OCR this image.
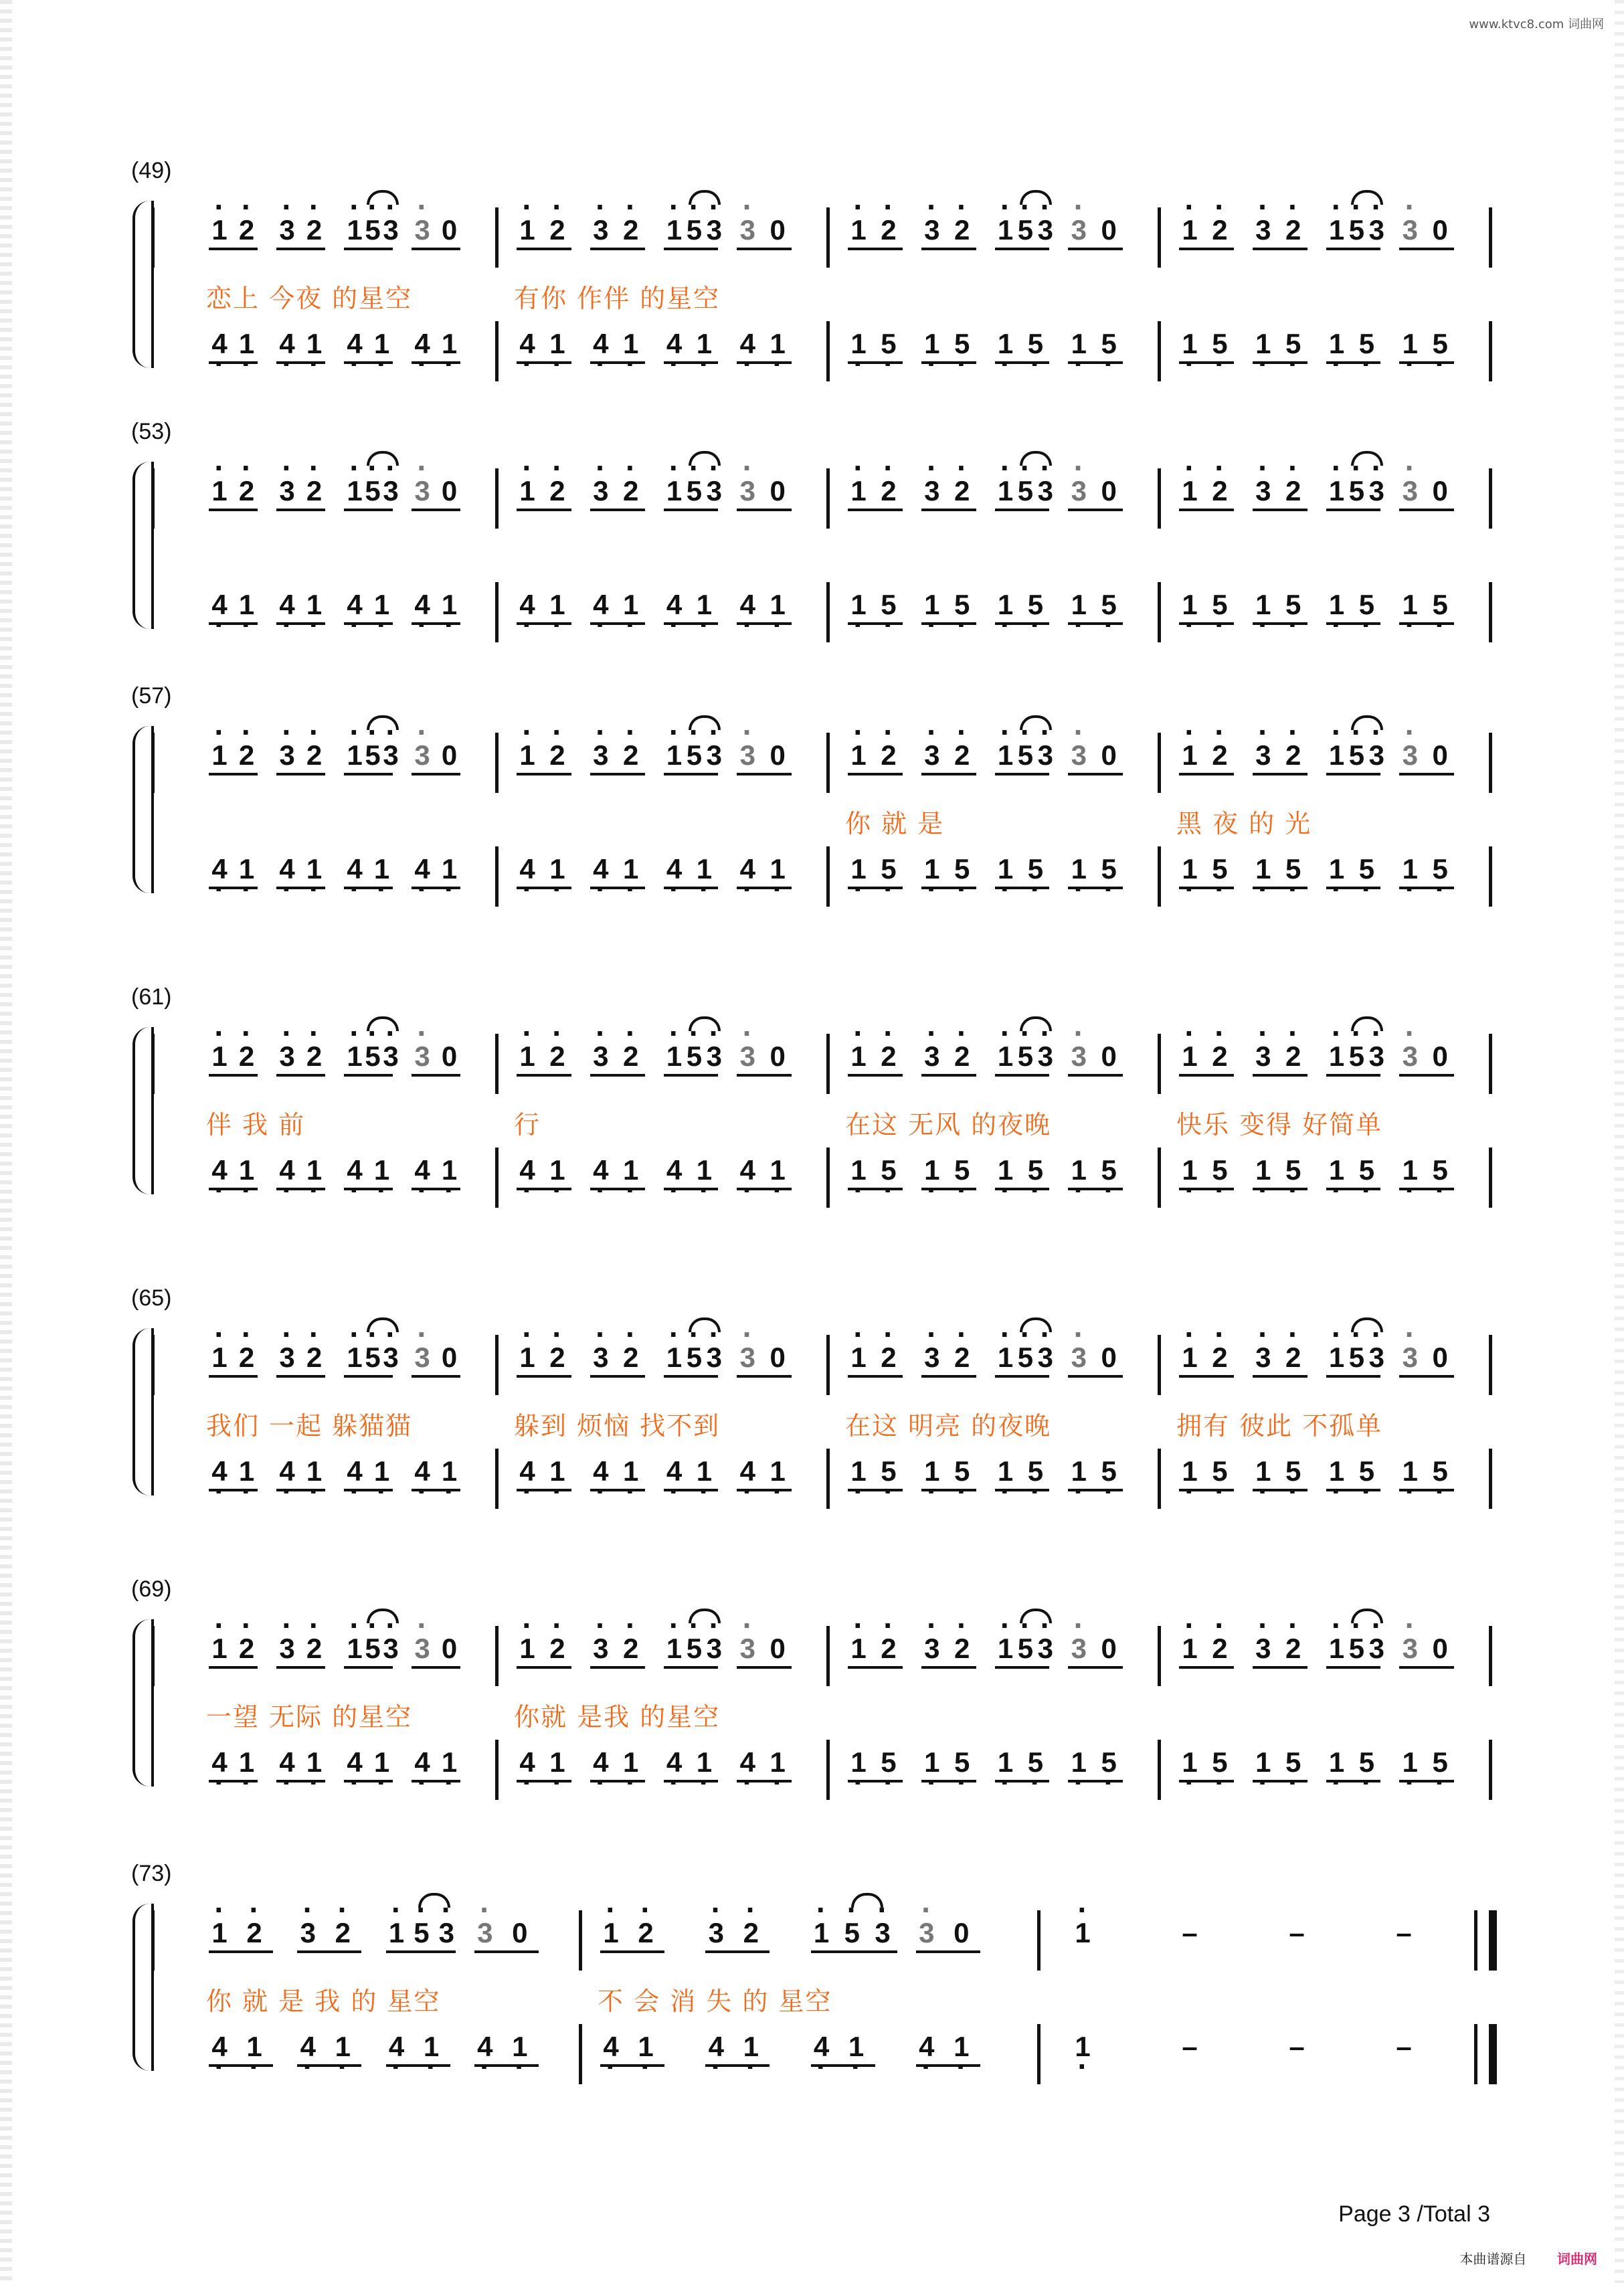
www.ktvc8.com 词曲网
(49)
· 1 · 2 · 3 · 2 · 1 · 5 · 3 · 3 0
4 · 1 · 4 · 1 · 4 · 1 · 4 · 1 ·
· 1 · 2 · 3 · 2 · 1 · 5 · 3 · 3 0
4 · 1 · 4 · 1 · 4 · 1 · 4 · 1 ·
· 1 · 2 · 3 · 2 · 1 · 5 · 3 · 3 0
1 · 5 · 1 · 5 · 1 · 5 · 1 · 5 ·
· 1 · 2 · 3 · 2 · 1 · 5 · 3 · 3 0
1 · 5 · 1 · 5 · 1 · 5 · 1 · 5 ·
恋上 今夜 的星空	有你 作伴 的星空
(53)
· 1 · 2 · 3 · 2 · 1 · 5 · 3 · 3 0
4 · 1 · 4 · 1 · 4 · 1 · 4 · 1 ·
· 1 · 2 · 3 · 2 · 1 · 5 · 3 · 3 0
4 · 1 · 4 · 1 · 4 · 1 · 4 · 1 ·
· 1 · 2 · 3 · 2 · 1 · 5 · 3 · 3 0
1 · 5 · 1 · 5 · 1 · 5 · 1 · 5 ·
· 1 · 2 · 3 · 2 · 1 · 5 · 3 · 3 0
1 · 5 · 1 · 5 · 1 · 5 · 1 · 5 ·
(57)
· 1 · 2 · 3 · 2 · 1 · 5 · 3 · 3 0
4 · 1 · 4 · 1 · 4 · 1 · 4 · 1 ·
· 1 · 2 · 3 · 2 · 1 · 5 · 3 · 3 0
4 · 1 · 4 · 1 · 4 · 1 · 4 · 1 ·
· 1 · 2 · 3 · 2 · 1 · 5 · 3 · 3 0
1 · 5 · 1 · 5 · 1 · 5 · 1 · 5 ·
· 1 · 2 · 3 · 2 · 1 · 5 · 3 · 3 0
1 · 5 · 1 · 5 · 1 · 5 · 1 · 5 ·
你 就 是	黑 夜 的 光
(61)
· 1 · 2 · 3 · 2 · 1 · 5 · 3 · 3 0
4 · 1 · 4 · 1 · 4 · 1 · 4 · 1 ·
· 1 · 2 · 3 · 2 · 1 · 5 · 3 · 3 0
4 · 1 · 4 · 1 · 4 · 1 · 4 · 1 ·
· 1 · 2 · 3 · 2 · 1 · 5 · 3 · 3 0
1 · 5 · 1 · 5 · 1 · 5 · 1 · 5 ·
· 1 · 2 · 3 · 2 · 1 · 5 · 3 · 3 0
1 · 5 · 1 · 5 · 1 · 5 · 1 · 5 ·
伴 我 前	行	在这 无风 的夜晚	快乐 变得 好简单
(65)
· 1 · 2 · 3 · 2 · 1 · 5 · 3 · 3 0
4 · 1 · 4 · 1 · 4 · 1 · 4 · 1 ·
· 1 · 2 · 3 · 2 · 1 · 5 · 3 · 3 0
4 · 1 · 4 · 1 · 4 · 1 · 4 · 1 ·
· 1 · 2 · 3 · 2 · 1 · 5 · 3 · 3 0
1 · 5 · 1 · 5 · 1 · 5 · 1 · 5 ·
· 1 · 2 · 3 · 2 · 1 · 5 · 3 · 3 0
1 · 5 · 1 · 5 · 1 · 5 · 1 · 5 ·
我们 一起 躲猫猫	躲到 烦恼 找不到	在这 明亮 的夜晚	拥有 彼此 不孤单
(69)
· 1 · 2 · 3 · 2 · 1 · 5 · 3 · 3 0
4 · 1 · 4 · 1 · 4 · 1 · 4 · 1 ·
· 1 · 2 · 3 · 2 · 1 · 5 · 3 · 3 0
4 · 1 · 4 · 1 · 4 · 1 · 4 · 1 ·
· 1 · 2 · 3 · 2 · 1 · 5 · 3 · 3 0
1 · 5 · 1 · 5 · 1 · 5 · 1 · 5 ·
· 1 · 2 · 3 · 2 · 1 · 5 · 3 · 3 0
1 · 5 · 1 · 5 · 1 · 5 · 1 · 5 ·
一望 无际 的星空	你就 是我 的星空
(73)
· 1 · 2 · 3 · 2 · 1 · 5 · 3 · 3 0
4 · 1 · 4 · 1 · 4 · 1 · 4 · 1 ·
· 1 · 2 · 3 · 2 · 1 · 5 · 3 · 3 0
4 · 1 · 4 · 1 · 4 · 1 · 4 · 1 ·
· 1	–
–
–
–
–
–
1 ·
你 就 是 我 的 星空	不 会 消 失 的 星空
Page 3 /Total 3
本曲谱源自 词曲网
